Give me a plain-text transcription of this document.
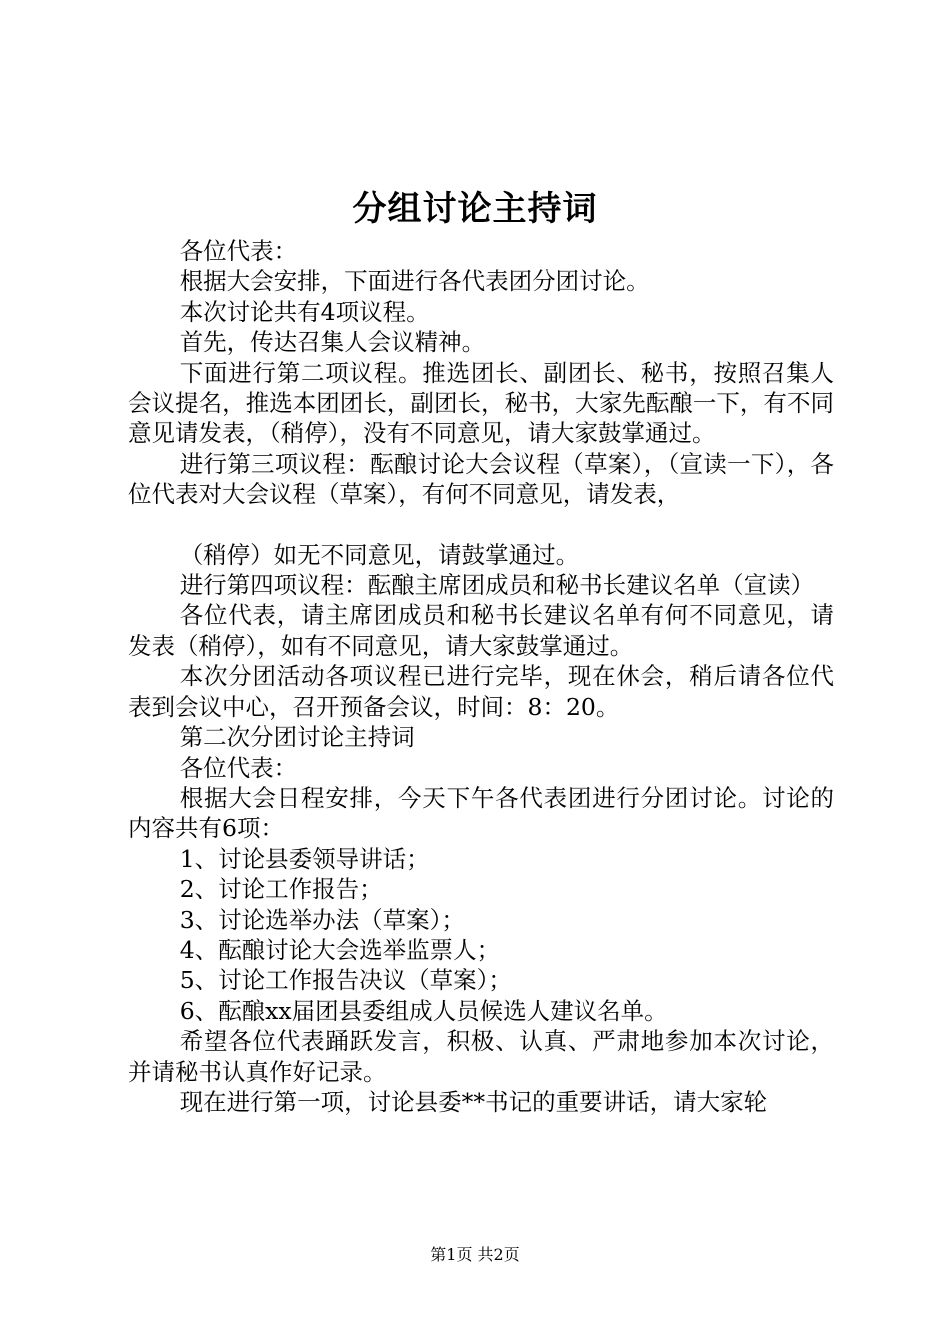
分组讨论主持词

各位代表：

根据大会安排，下面进行各代表团分团讨论。

本次讨论共有4项议程。

首先，传达召集人会议精神。

下面进行第二项议程。推选团长、副团长、秘书，按照召集人会议提名，推选本团团长，副团长，秘书，大家先酝酿一下，有不同意见请发表，（稍停），没有不同意见，请大家鼓掌通过。

进行第三项议程：酝酿讨论大会议程（草案），（宣读一下），各位代表对大会议程（草案），有何不同意见，请发表，

（稍停）如无不同意见，请鼓掌通过。

进行第四项议程：酝酿主席团成员和秘书长建议名单（宣读）

各位代表，请主席团成员和秘书长建议名单有何不同意见，请发表（稍停），如有不同意见，请大家鼓掌通过。

本次分团活动各项议程已进行完毕，现在休会，稍后请各位代表到会议中心，召开预备会议，时间：8：20。

第二次分团讨论主持词

各位代表：

根据大会日程安排，今天下午各代表团进行分团讨论。讨论的内容共有6项：

1、讨论县委领导讲话；

2、讨论工作报告；

3、讨论选举办法（草案）；

4、酝酿讨论大会选举监票人；

5、讨论工作报告决议（草案）；

6、酝酿xx届团县委组成人员候选人建议名单。

希望各位代表踊跃发言，积极、认真、严肃地参加本次讨论，并请秘书认真作好记录。

现在进行第一项，讨论县委**书记的重要讲话，请大家轮

第1页 共2页
